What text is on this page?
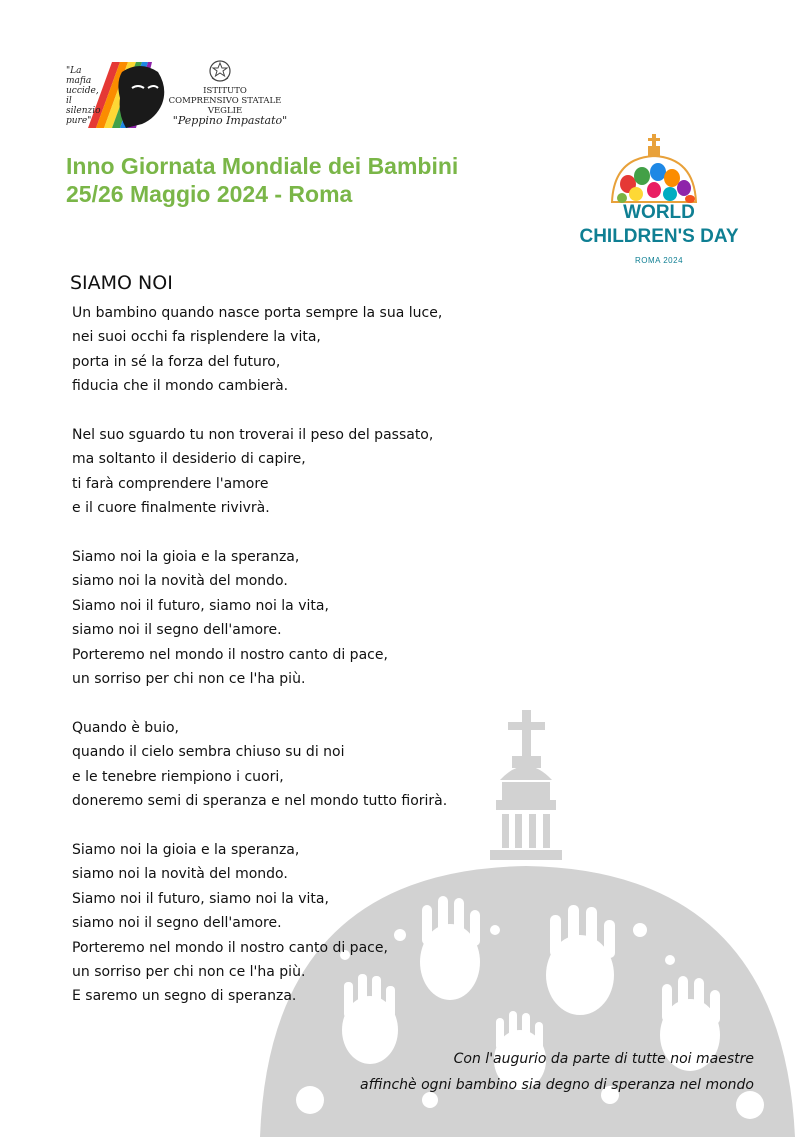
"La
mafia
uccide,
il
silenzio
pure"
ISTITUTO
COMPRENSIVO STATALE
VEGLIE
"Peppino Impastato"
Inno Giornata Mondiale dei Bambini
25/26 Maggio 2024 - Roma
WORLD
CHILDREN'S DAY
ROMA 2024
SIAMO NOI
Un bambino quando nasce porta sempre la sua luce,
nei suoi occhi fa risplendere la vita,
porta in sé la forza del futuro,
fiducia che il mondo cambierà.
Nel suo sguardo tu non troverai il peso del passato,
ma soltanto il desiderio di capire,
ti farà comprendere l'amore
e il cuore finalmente rivivrà.
Siamo noi la gioia e la speranza,
siamo noi la novità del mondo.
Siamo noi il futuro, siamo noi la vita,
siamo noi il segno dell'amore.
Porteremo nel mondo il nostro canto di pace,
un sorriso per chi non ce l'ha più.
Quando è buio,
quando il cielo sembra chiuso su di noi
e le tenebre riempiono i cuori,
doneremo semi di speranza e nel mondo tutto fiorirà.
Siamo noi la gioia e la speranza,
siamo noi la novità del mondo.
Siamo noi il futuro, siamo noi la vita,
siamo noi il segno dell'amore.
Porteremo nel mondo il nostro canto di pace,
un sorriso per chi non ce l'ha più.
E saremo un segno di speranza.
Con l'augurio da parte di tutte noi maestre
affinchè ogni bambino sia degno di speranza nel mondo
